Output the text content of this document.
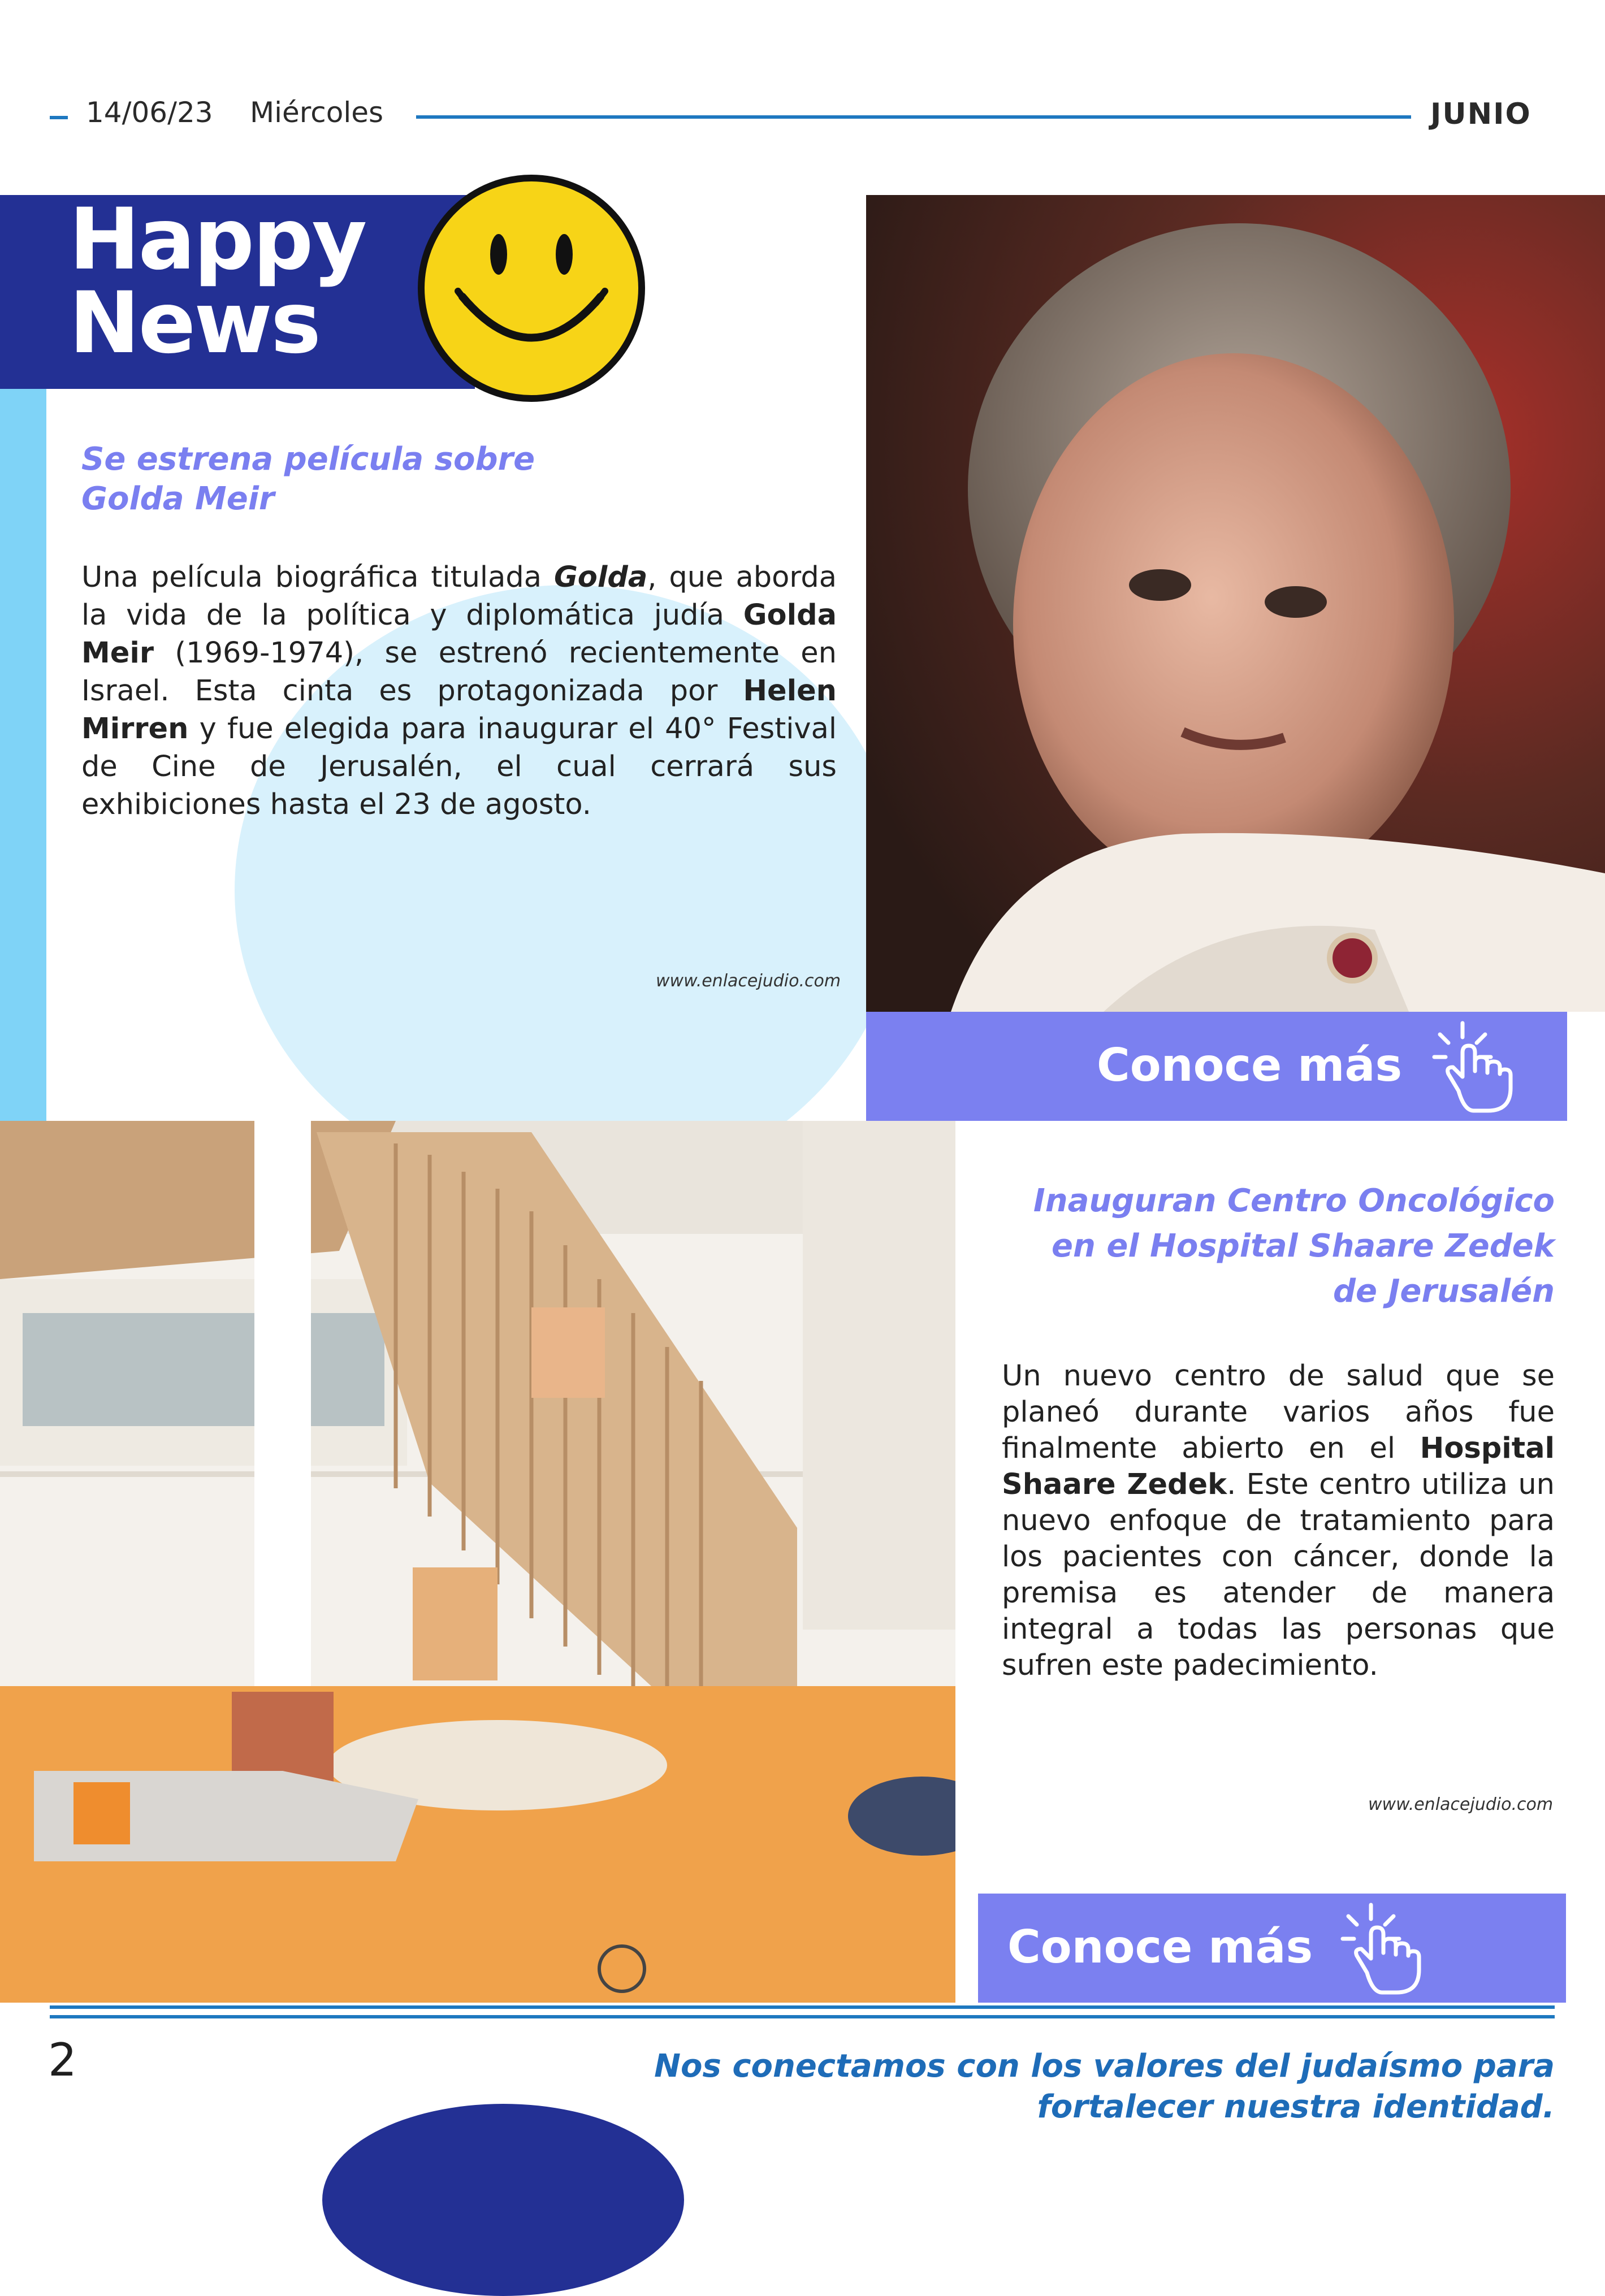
14/06/23 Miércoles	JUNIO
Happy
News
Se estrena película sobre
Golda Meir
Una película biográfica titulada Golda, que aborda la vida de la política y diplomática judía Golda Meir (1969-1974), se estrenó recientemente en Israel. Esta cinta es protagonizada por Helen Mirren y fue elegida para inaugurar el 40° Festival de Cine de Jerusalén, el cual cerrará sus exhibiciones hasta el 23 de agosto.
www.enlacejudio.com
Conoce más
Inauguran Centro Oncológico
en el Hospital Shaare Zedek
de Jerusalén
Un nuevo centro de salud que se planeó durante varios años fue finalmente abierto en el Hospital Shaare Zedek. Este centro utiliza un nuevo enfoque de tratamiento para los pacientes con cáncer, donde la premisa es atender de manera integral a todas las personas que sufren este padecimiento.
www.enlacejudio.com
Conoce más
2	Nos conectamos con los valores del judaísmo para
fortalecer nuestra identidad.
